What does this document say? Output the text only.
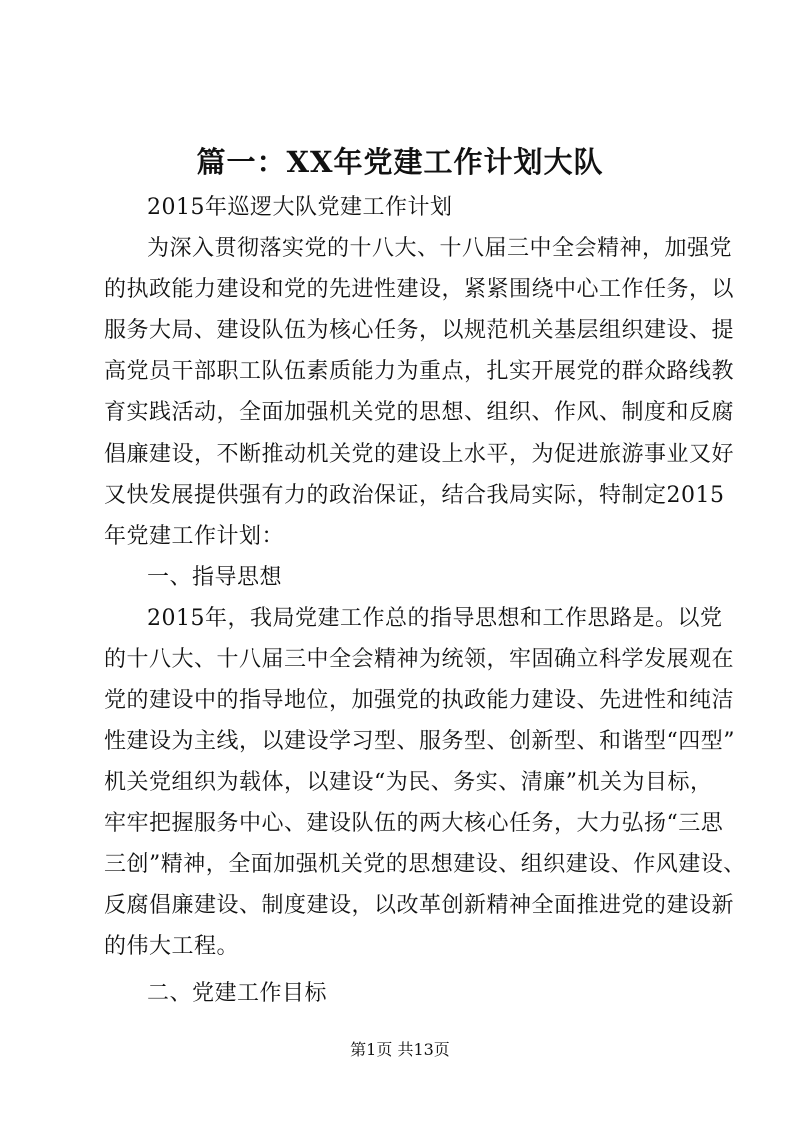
篇一：XX年党建工作计划大队
2015年巡逻大队党建工作计划
为深入贯彻落实党的十八大、十八届三中全会精神，加强党
的执政能力建设和党的先进性建设，紧紧围绕中心工作任务，以
服务大局、建设队伍为核心任务，以规范机关基层组织建设、提
高党员干部职工队伍素质能力为重点，扎实开展党的群众路线教
育实践活动，全面加强机关党的思想、组织、作风、制度和反腐
倡廉建设，不断推动机关党的建设上水平，为促进旅游事业又好
又快发展提供强有力的政治保证，结合我局实际，特制定2015
年党建工作计划：
一、指导思想
2015年，我局党建工作总的指导思想和工作思路是。以党
的十八大、十八届三中全会精神为统领，牢固确立科学发展观在
党的建设中的指导地位，加强党的执政能力建设、先进性和纯洁
性建设为主线，以建设学习型、服务型、创新型、和谐型“四型”
机关党组织为载体，以建设“为民、务实、清廉”机关为目标，
牢牢把握服务中心、建设队伍的两大核心任务，大力弘扬“三思
三创”精神，全面加强机关党的思想建设、组织建设、作风建设、
反腐倡廉建设、制度建设，以改革创新精神全面推进党的建设新
的伟大工程。
二、党建工作目标
第1页 共13页
